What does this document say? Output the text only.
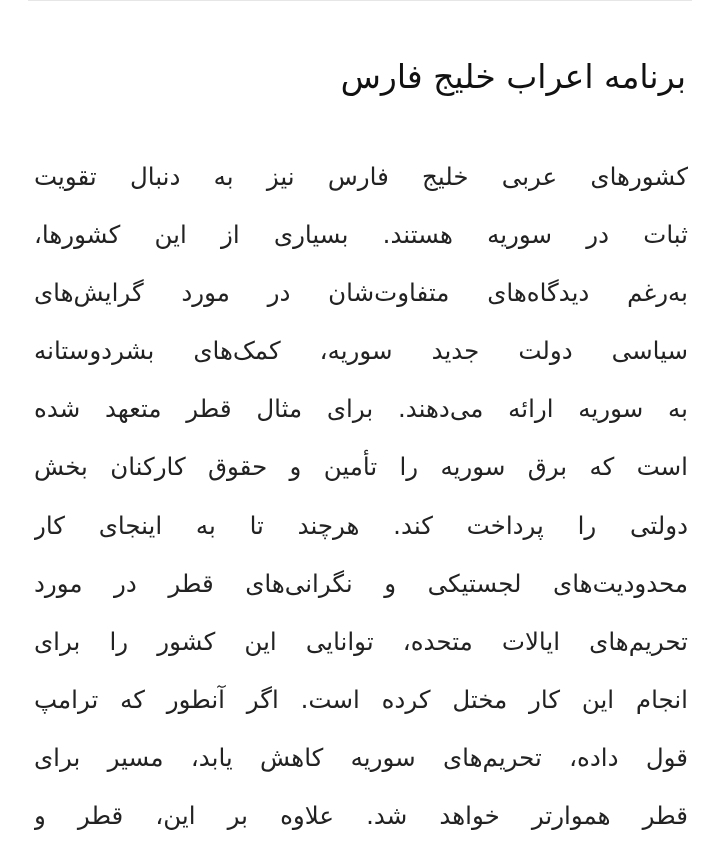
برنامه اعراب خلیج فارس
کشورهای عربی خلیج فارس نیز به دنبال تقویت
ثبات در سوریه هستند. بسیاری از این کشورها،
به‌رغم دیدگاه‌های متفاوت‌شان در مورد گرایش‌های
سیاسی دولت جدید سوریه، کمک‌های بشردوستانه
به سوریه ارائه می‌دهند. برای مثال قطر متعهد شده
است که برق سوریه را تأمین و حقوق کارکنان بخش
دولتی را پرداخت کند. هرچند تا به اینجای کار
محدودیت‌های لجستیکی و نگرانی‌های قطر در مورد
تحریم‌های ایالات متحده، توانایی این کشور را برای
انجام این کار مختل کرده است. اگر آنطور که ترامپ
قول داده، تحریم‌های سوریه کاهش یابد، مسیر برای
قطر هموارتر خواهد شد. علاوه بر این، قطر و
